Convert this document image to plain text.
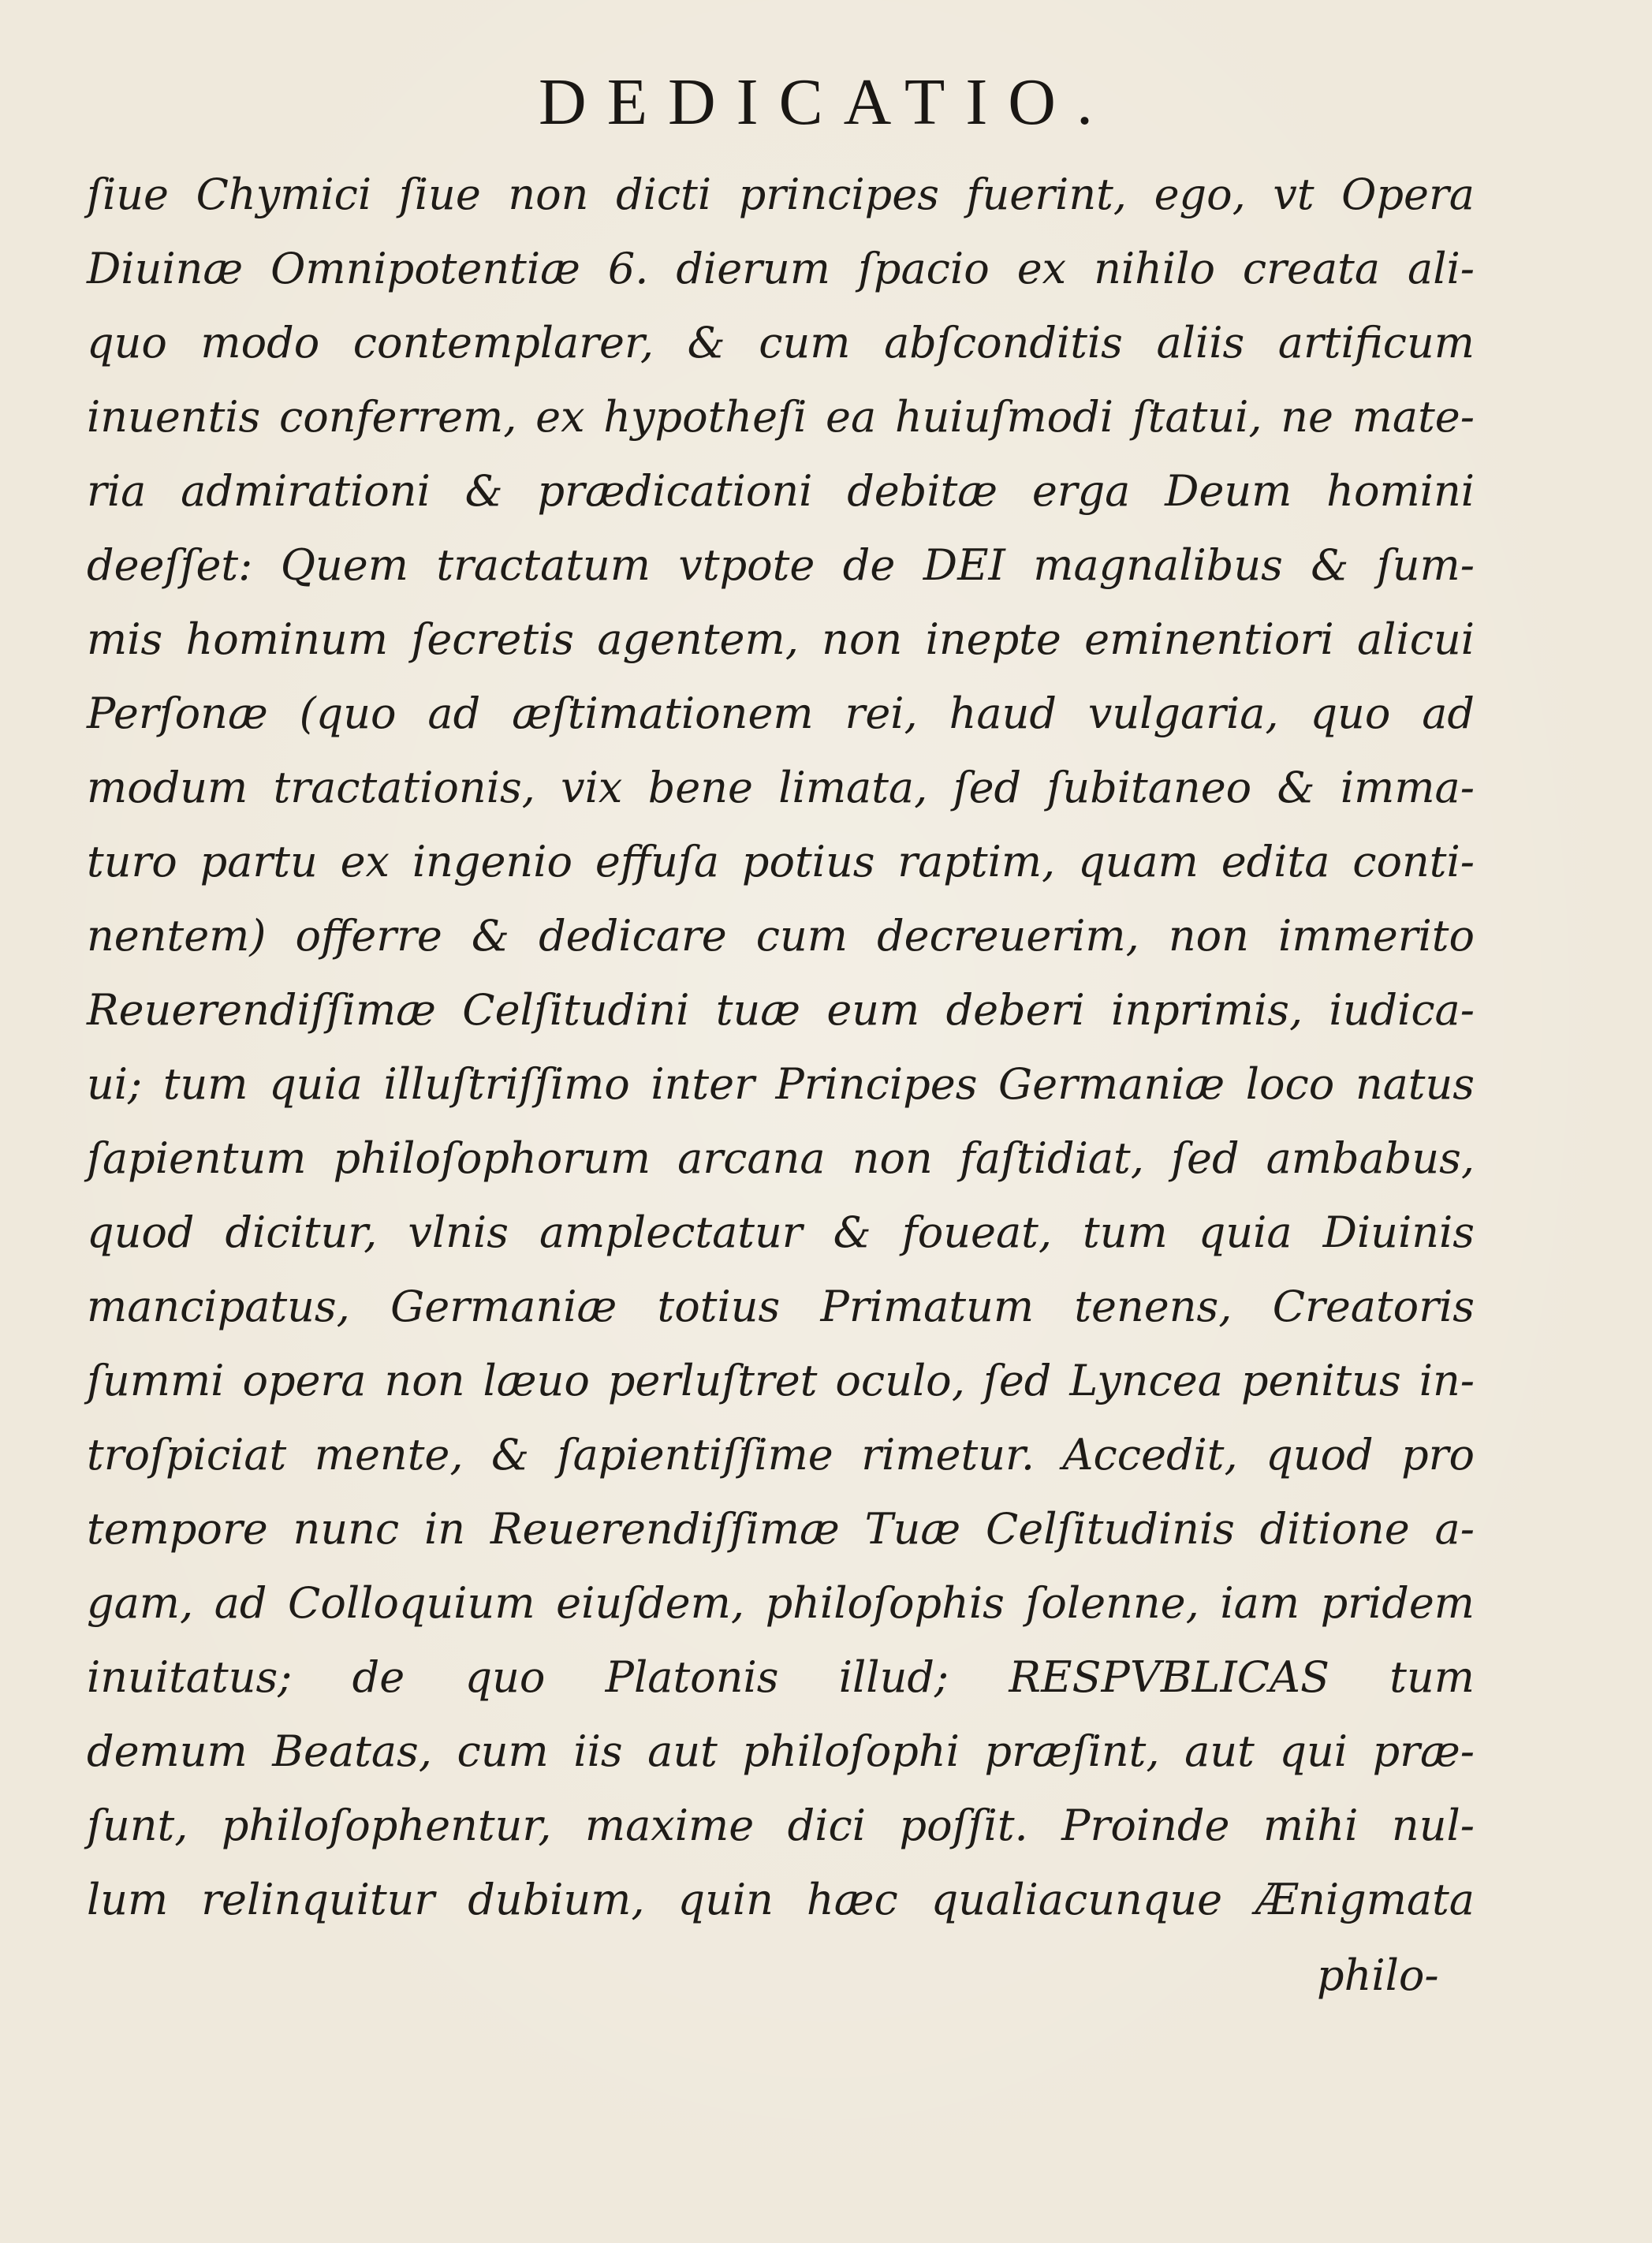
DEDICATIO.
ſiue Chymici ſiue non dicti principes fuerint, ego, vt Opera
Diuinæ Omnipotentiæ 6. dierum ſpacio ex nihilo creata ali-
quo modo contemplarer, & cum abſconditis aliis artificum
inuentis conferrem, ex hypotheſi ea huiuſmodi ſtatui, ne mate-
ria admirationi & prædicationi debitæ erga Deum homini
deeſſet: Quem tractatum vtpote de DEI magnalibus & ſum-
mis hominum ſecretis agentem, non inepte eminentiori alicui
Perſonæ (quo ad æſtimationem rei, haud vulgaria, quo ad
modum tractationis, vix bene limata, ſed ſubitaneo & imma-
turo partu ex ingenio effuſa potius raptim, quam edita conti-
nentem) offerre & dedicare cum decreuerim, non immerito
Reuerendiſſimæ Celſitudini tuæ eum deberi inprimis, iudica-
ui; tum quia illuſtriſſimo inter Principes Germaniæ loco natus
ſapientum philoſophorum arcana non faſtidiat, ſed ambabus,
quod dicitur, vlnis amplectatur & foueat, tum quia Diuinis
mancipatus, Germaniæ totius Primatum tenens, Creatoris
ſummi opera non læuo perluſtret oculo, ſed Lyncea penitus in-
troſpiciat mente, & ſapientiſſime rimetur. Accedit, quod pro
tempore nunc in Reuerendiſſimæ Tuæ Celſitudinis ditione a-
gam, ad Colloquium eiuſdem, philoſophis ſolenne, iam pridem
inuitatus; de quo Platonis illud; RESPVBLICAS tum
demum Beatas, cum iis aut philoſophi præſint, aut qui præ-
ſunt, philoſophentur, maxime dici poſſit. Proinde mihi nul-
lum relinquitur dubium, quin hæc qualiacunque Ænigmata
philo-
